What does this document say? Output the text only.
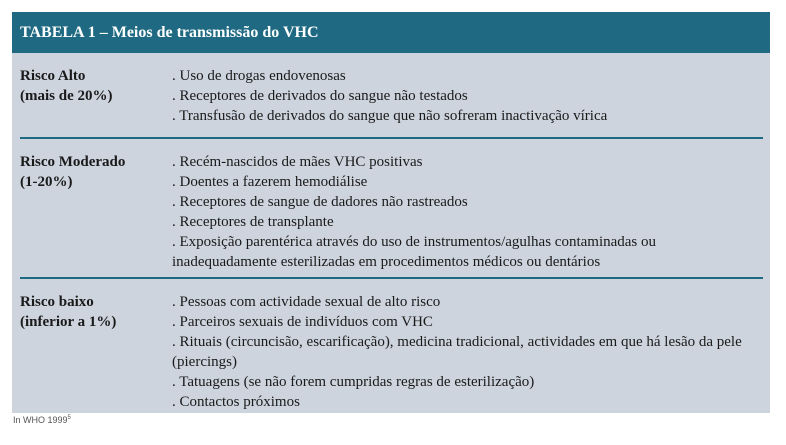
TABELA 1 – Meios de transmissão do VHC
Risco Alto
(mais de 20%)
. Uso de drogas endovenosas
. Receptores de derivados do sangue não testados
. Transfusão de derivados do sangue que não sofreram inactivação vírica
Risco Moderado
(1-20%)
. Recém-nascidos de mães VHC positivas
. Doentes a fazerem hemodiálise
. Receptores de sangue de dadores não rastreados
. Receptores de transplante
. Exposição parentérica através do uso de instrumentos/agulhas contaminadas ou inadequadamente esterilizadas em procedimentos médicos ou dentários
Risco baixo
(inferior a 1%)
. Pessoas com actividade sexual de alto risco
. Parceiros sexuais de indivíduos com VHC
. Rituais (circuncisão, escarificação), medicina tradicional, actividades em que há lesão da pele (piercings)
. Tatuagens (se não forem cumpridas regras de esterilização)
. Contactos próximos
In WHO 1999$^5$
